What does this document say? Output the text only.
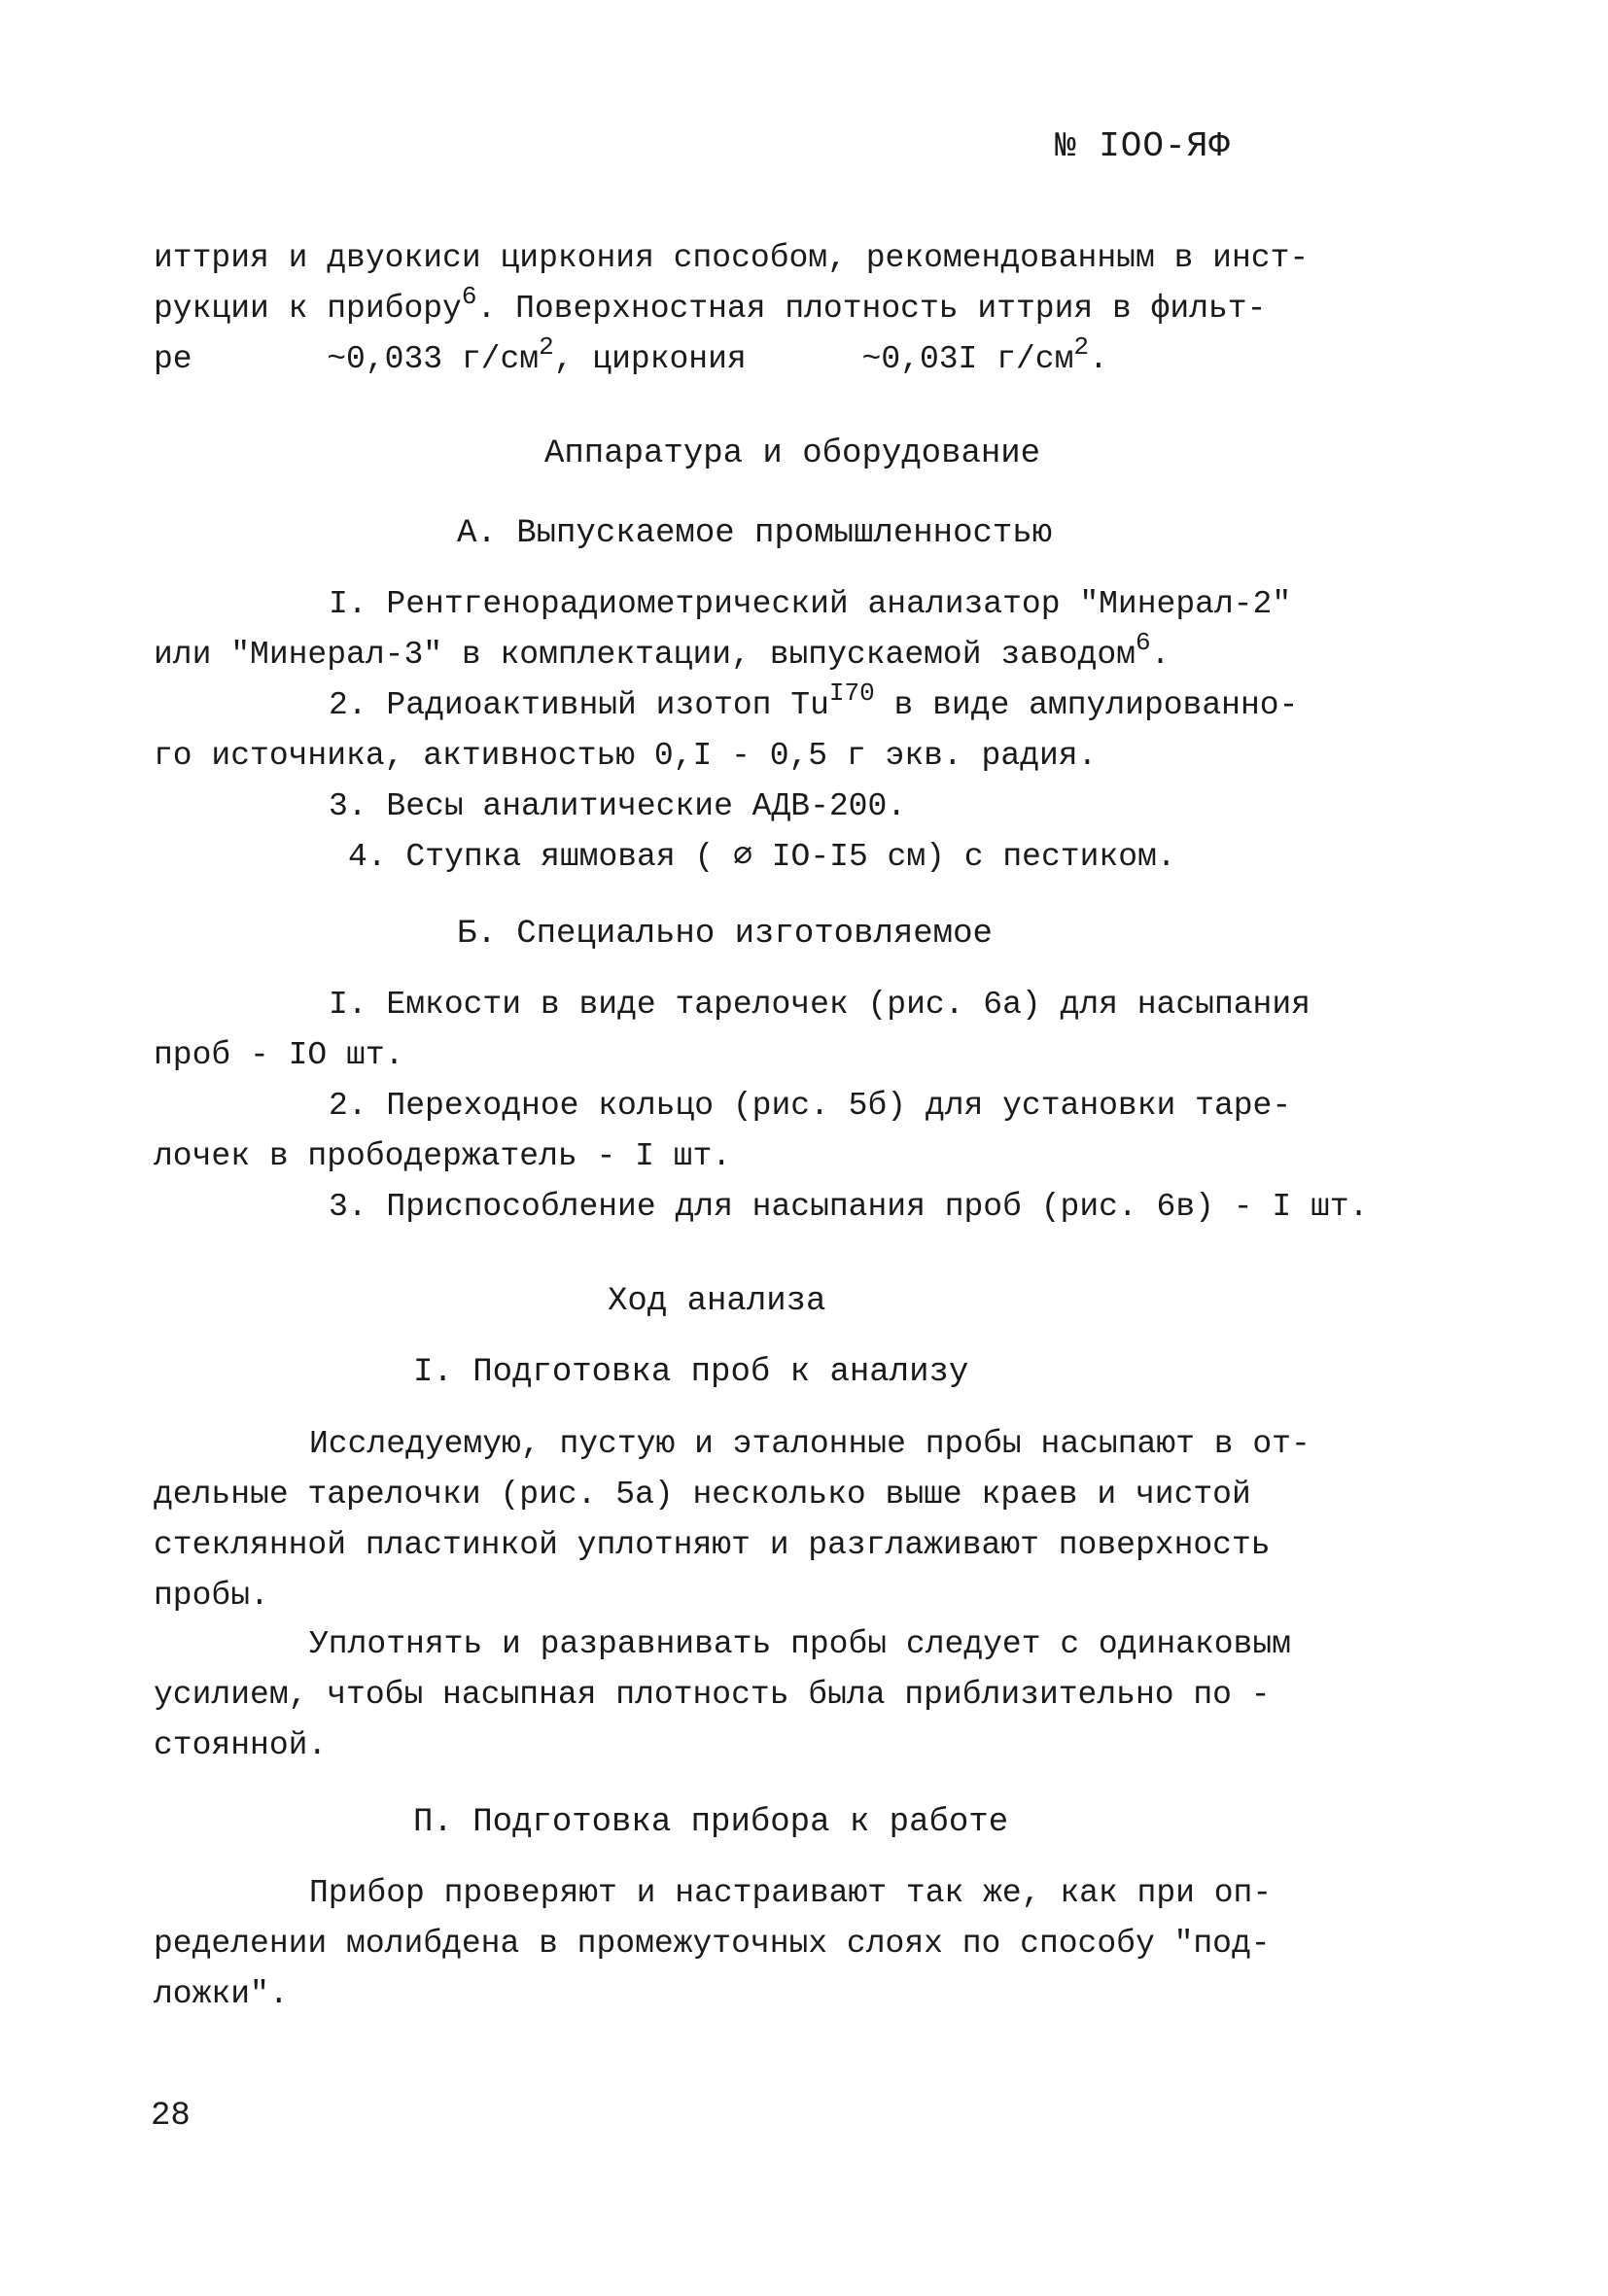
№ IOO-ЯФ
иттрия и двуокиси циркония способом, рекомендованным в инст-
рукции к прибору$^6$. Поверхностная плотность иттрия в фильт-
ре       ~0,033 $г/см^2$, циркония      ~0,03I $г/см^2$.
Аппаратура и оборудование
А. Выпускаемое промышленностью
I. Рентгенорадиометрический анализатор "Минерал-2"
или "Минерал-3" в комплектации, выпускаемой заводом$^6$.
2. Радиоактивный изотоп $Tu^{I70}$ в виде ампулированно-
го источника, активностью 0,I - 0,5 г экв. радия.
3. Весы аналитические АДВ-200.
4. Ступка яшмовая ( ∅ IO-I5 см) с пестиком.
Б. Специально изготовляемое
I. Емкости в виде тарелочек (рис. 6а) для насыпания
проб - IO шт.
2. Переходное кольцо (рис. 5б) для установки таре-
лочек в прободержатель - I шт.
3. Приспособление для насыпания проб (рис. 6в) - I шт.
Ход анализа
I. Подготовка проб к анализу
Исследуемую, пустую и эталонные пробы насыпают в от-
дельные тарелочки (рис. 5а) несколько выше краев и чистой
стеклянной пластинкой уплотняют и разглаживают поверхность
пробы.
Уплотнять и разравнивать пробы следует с одинаковым
усилием, чтобы насыпная плотность была приблизительно по -
стоянной.
П. Подготовка прибора к работе
Прибор проверяют и настраивают так же, как при оп-
ределении молибдена в промежуточных слоях по способу "под-
ложки".
28
